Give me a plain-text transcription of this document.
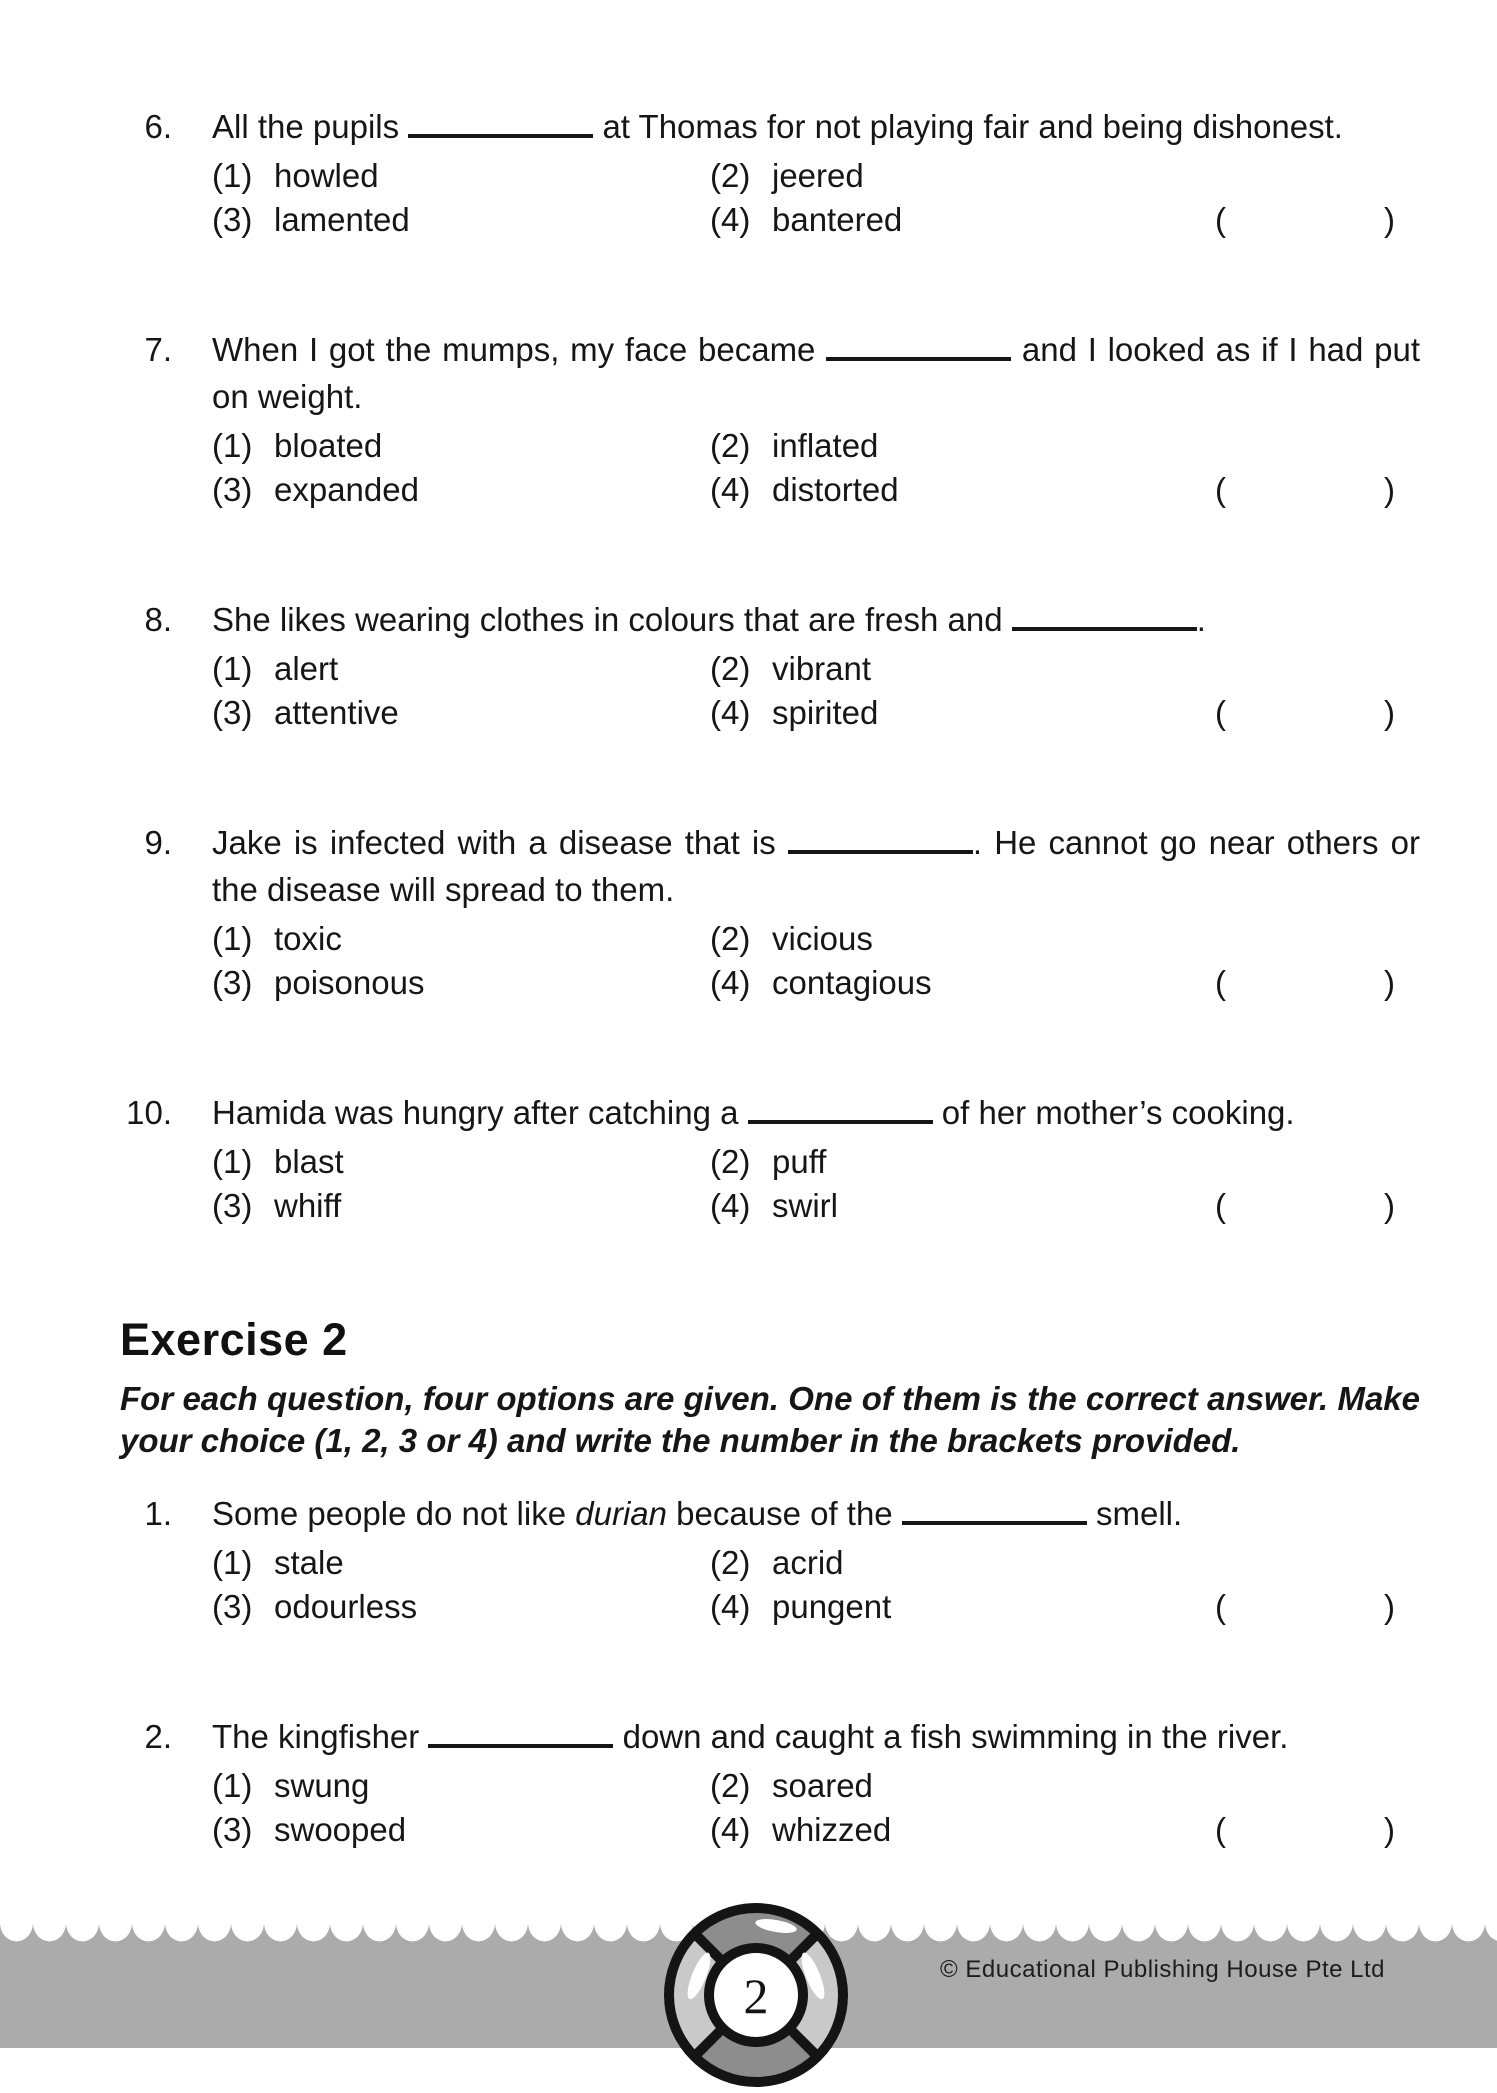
6. All the pupils	at Thomas for not playing fair and being dishonest.
(1) howled	(2) jeered
(3) lamented	(4) bantered	(	)
7. When I got the mumps, my face became	and I looked as if I had put on weight.
(1) bloated	(2) inflated
(3) expanded	(4) distorted	(	)
8. She likes wearing clothes in colours that are fresh and	.
(1) alert	(2) vibrant
(3) attentive	(4) spirited	(	)
9. Jake is infected with a disease that is	. He cannot go near others or the disease will spread to them.
(1) toxic	(2) vicious
(3) poisonous	(4) contagious	(	)
10. Hamida was hungry after catching a	of her mother’s cooking.
(1) blast	(2) puff
(3) whiff	(4) swirl	(	)
Exercise 2
For each question, four options are given. One of them is the correct answer. Make your choice (1, 2, 3 or 4) and write the number in the brackets provided.
1. Some people do not like durian because of the	smell.
(1) stale	(2) acrid
(3) odourless	(4) pungent	(	)
2. The kingfisher	down and caught a fish swimming in the river.
(1) swung	(2) soared
(3) swooped	(4) whizzed	(	)
© Educational Publishing House Pte Ltd
2
